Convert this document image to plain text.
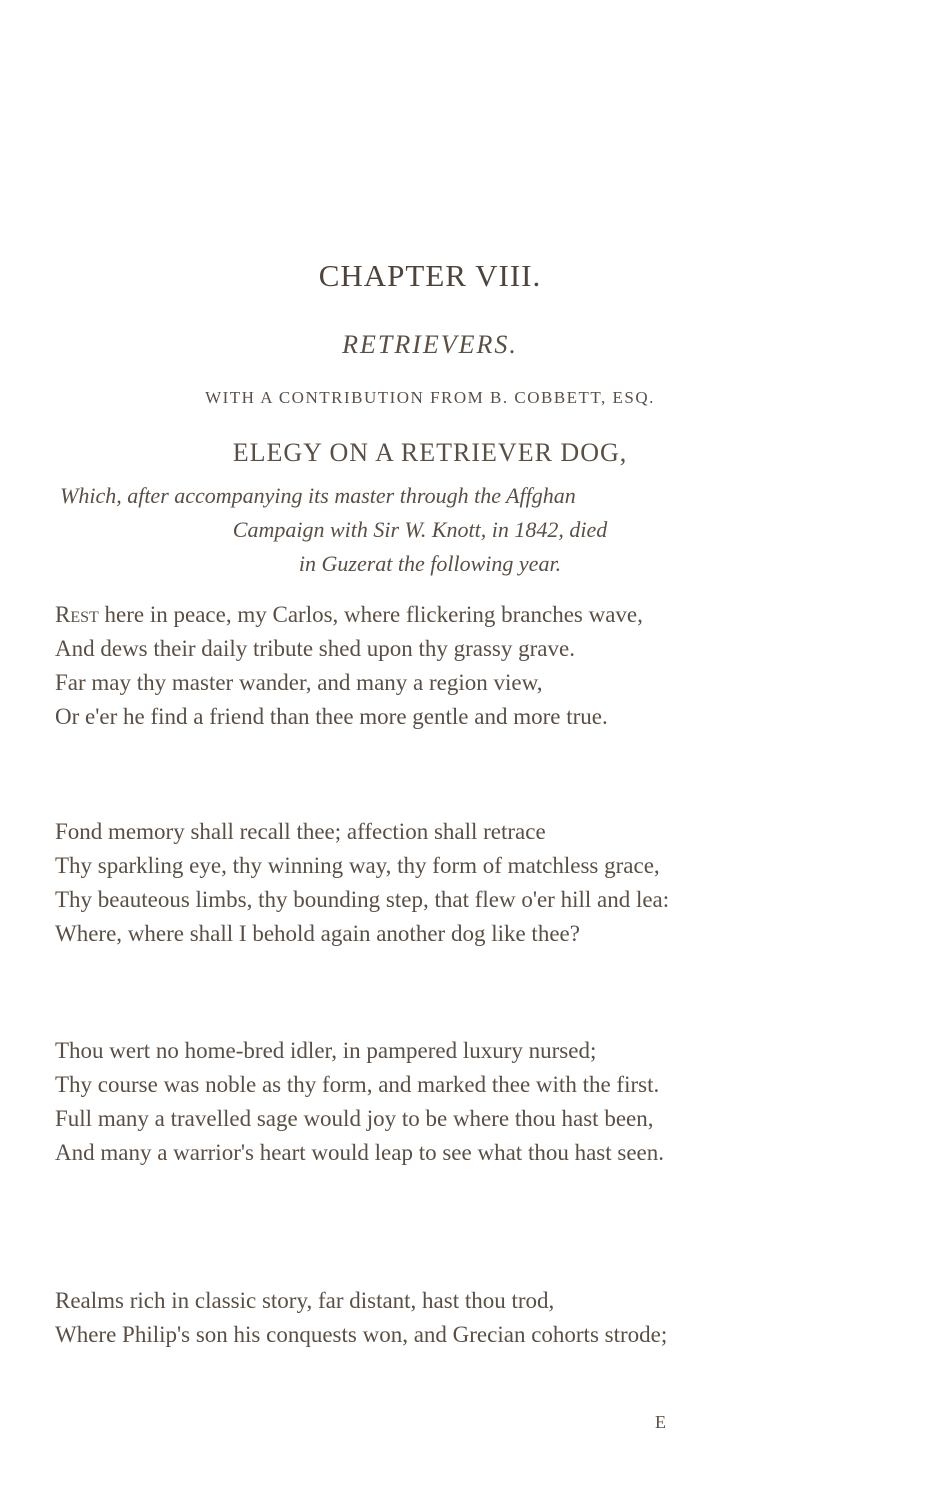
CHAPTER VIII.
RETRIEVERS.
WITH A CONTRIBUTION FROM B. COBBETT, ESQ.
ELEGY ON A RETRIEVER DOG,
Which, after accompanying its master through the Affghan
Campaign with Sir W. Knott, in 1842, died
in Guzerat the following year.
Rest here in peace, my Carlos, where flickering branches wave,
And dews their daily tribute shed upon thy grassy grave.
Far may thy master wander, and many a region view,
Or e'er he find a friend than thee more gentle and more true.
Fond memory shall recall thee; affection shall retrace
Thy sparkling eye, thy winning way, thy form of matchless grace,
Thy beauteous limbs, thy bounding step, that flew o'er hill and lea:
Where, where shall I behold again another dog like thee?
Thou wert no home-bred idler, in pampered luxury nursed;
Thy course was noble as thy form, and marked thee with the first.
Full many a travelled sage would joy to be where thou hast been,
And many a warrior's heart would leap to see what thou hast seen.
Realms rich in classic story, far distant, hast thou trod,
Where Philip's son his conquests won, and Grecian cohorts strode;
E
